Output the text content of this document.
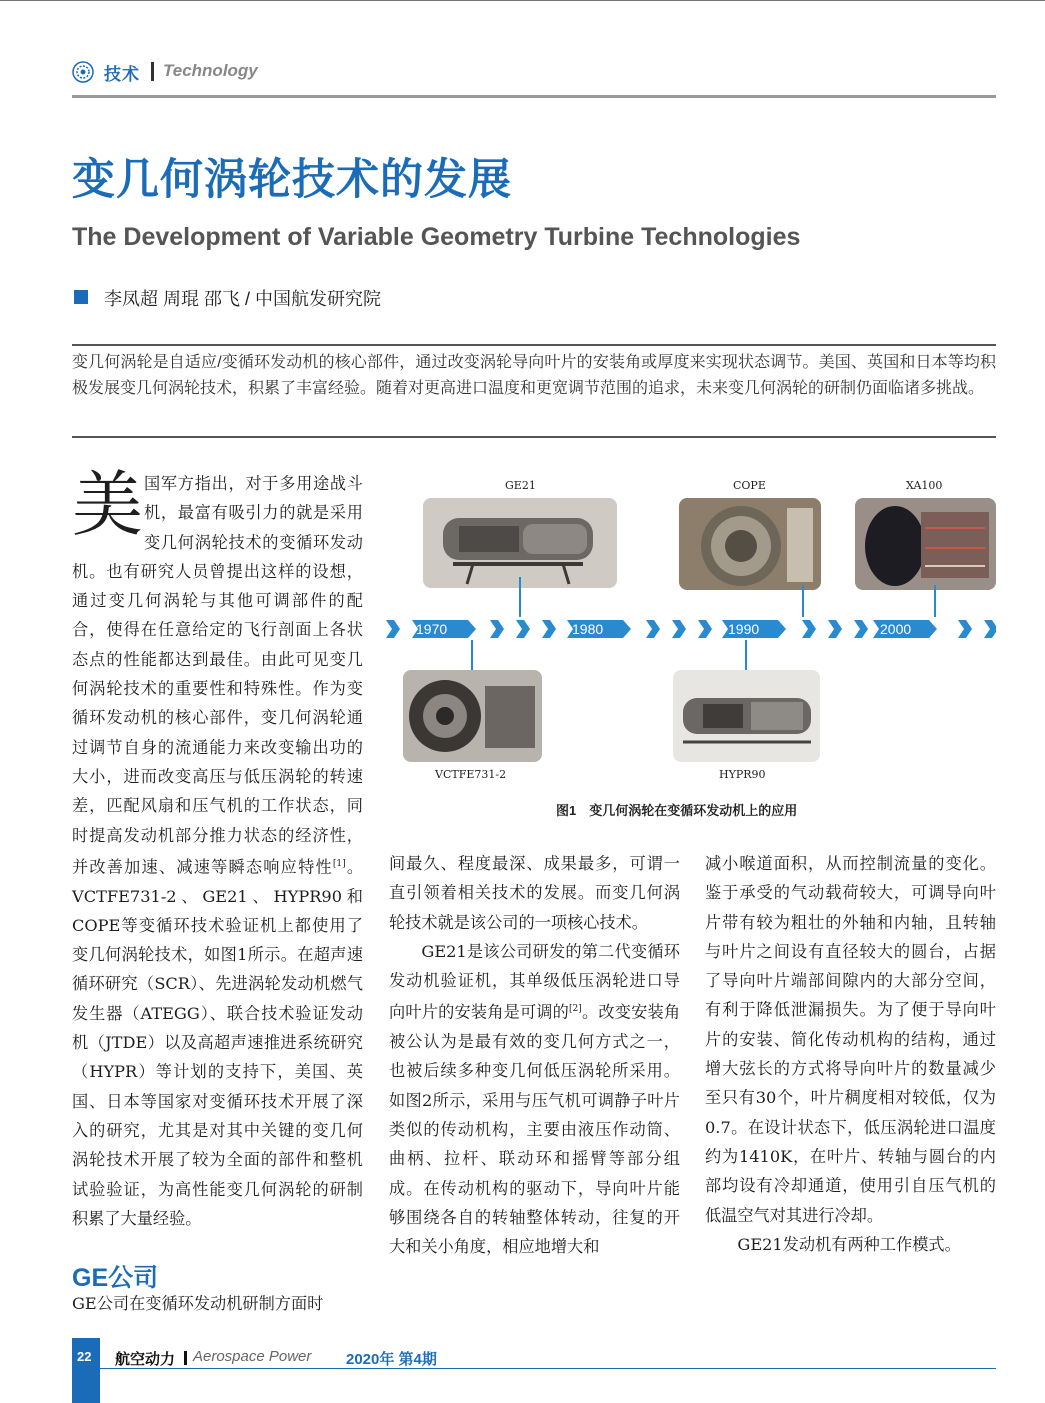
技术 Technology
变几何涡轮技术的发展
The Development of Variable Geometry Turbine Technologies
李凤超 周琨 邵飞 / 中国航发研究院
变几何涡轮是自适应/变循环发动机的核心部件，通过改变涡轮导向叶片的安装角或厚度来实现状态调节。美国、英国和日本等均积极发展变几何涡轮技术，积累了丰富经验。随着对更高进口温度和更宽调节范围的追求，未来变几何涡轮的研制仍面临诸多挑战。
美国军方指出，对于多用途战斗机，最富有吸引力的就是采用变几何涡轮技术的变循环发动机。也有研究人员曾提出这样的设想，通过变几何涡轮与其他可调部件的配合，使得在任意给定的飞行剖面上各状态点的性能都达到最佳。由此可见变几何涡轮技术的重要性和特殊性。作为变循环发动机的核心部件，变几何涡轮通过调节自身的流通能力来改变输出功的大小，进而改变高压与低压涡轮的转速差，匹配风扇和压气机的工作状态，同时提高发动机部分推力状态的经济性，并改善加速、减速等瞬态响应特性[1]。VCTFE731-2、GE21、HYPR90和COPE等变循环技术验证机上都使用了变几何涡轮技术，如图1所示。在超声速循环研究（SCR）、先进涡轮发动机燃气发生器（ATEGG）、联合技术验证发动机（JTDE）以及高超声速推进系统研究（HYPR）等计划的支持下，美国、英国、日本等国家对变循环技术开展了深入的研究，尤其是对其中关键的变几何涡轮技术开展了较为全面的部件和整机试验验证，为高性能变几何涡轮的研制积累了大量经验。
GE公司
GE公司在变循环发动机研制方面时
间最久、程度最深、成果最多，可谓一直引领着相关技术的发展。而变几何涡轮技术就是该公司的一项核心技术。
GE21是该公司研发的第二代变循环发动机验证机，其单级低压涡轮进口导向叶片的安装角是可调的[2]。改变安装角被公认为是最有效的变几何方式之一，也被后续多种变几何低压涡轮所采用。如图2所示，采用与压气机可调静子叶片类似的传动机构，主要由液压作动筒、曲柄、拉杆、联动环和摇臂等部分组成。在传动机构的驱动下，导向叶片能够围绕各自的转轴整体转动，往复的开大和关小角度，相应地增大和
减小喉道面积，从而控制流量的变化。鉴于承受的气动载荷较大，可调导向叶片带有较为粗壮的外轴和内轴，且转轴与叶片之间设有直径较大的圆台，占据了导向叶片端部间隙内的大部分空间，有利于降低泄漏损失。为了便于导向叶片的安装、简化传动机构的结构，通过增大弦长的方式将导向叶片的数量减少至只有30个，叶片稠度相对较低，仅为0.7。在设计状态下，低压涡轮进口温度约为1410K，在叶片、转轴与圆台的内部均设有冷却通道，使用引自压气机的低温空气对其进行冷却。
GE21发动机有两种工作模式。
GE21	COPE	XA100
1970	1980	1990	2000
VCTFE731-2	HYPR90
图1　变几何涡轮在变循环发动机上的应用
22 航空动力 Aerospace Power 2020年 第4期
